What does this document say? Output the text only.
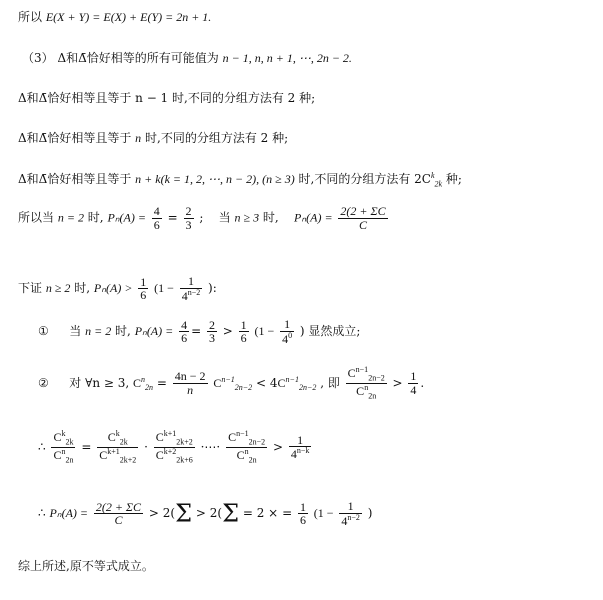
所以 E(X + Y) = E(X) + E(Y) = 2n + 1.
（3） Δ和Δ̄恰好相等的所有可能值为 n − 1, n, n + 1, ⋯, 2n − 2.
Δ和Δ̄恰好相等且等于 n − 1 时,不同的分组方法有 2 种;
Δ和Δ̄恰好相等且等于 n 时,不同的分组方法有 2 种;
Δ和Δ̄恰好相等且等于 n + k(k = 1, 2, ⋯, n − 2), (n ≥ 3) 时,不同的分组方法有 $2C^k_{2k}$ 种;
所以当 n = 2 时, $P_n(A) = \frac{4}{6} = \frac{2}{3}$ ; 当 n ≥ 3 时, $P_n(A) = \frac{2(2 + \Sigma C}{C}$
下证 n ≥ 2 时, $P_n(A) > \frac{1}{6} (1 - \frac{1}{4^{n-2}}$ ):
① 当 n = 2 时, $P_n(A) = \frac{4}{6} = \frac{2}{3} > \frac{1}{6} (1 - \frac{1}{4^0}$ ) 显然成立;
② 对 ∀n ≥ 3, $C^n_{2n} = \frac{4n - 2}{n} C^{n-1}_{2n-2} < 4C^{n-1}_{2n-2}$ , 即 $\frac{C^{n-1}_{2n-2}}{C^n_{2n}} > \frac{1}{4}$ .
∴ $\frac{C^k_{2k}}{C^n_{2n}} = \frac{C^k_{2k}}{C^{k+1}_{2k+2}} \cdot \frac{C^{k+1}_{2k+2}}{C^{k+2}_{2k+6}}$ ·⋯· $\frac{C^{n-1}_{2n-2}}{C^n_{2n}} > \frac{1}{4^{n-k}}$
∴ $P_n(A) = \frac{2(2 + \Sigma C}{C} > 2(\Sigma > 2(\Sigma = 2$ × = $\frac{1}{6} (1 - \frac{1}{4^{n-2}}$ )
综上所述,原不等式成立。
